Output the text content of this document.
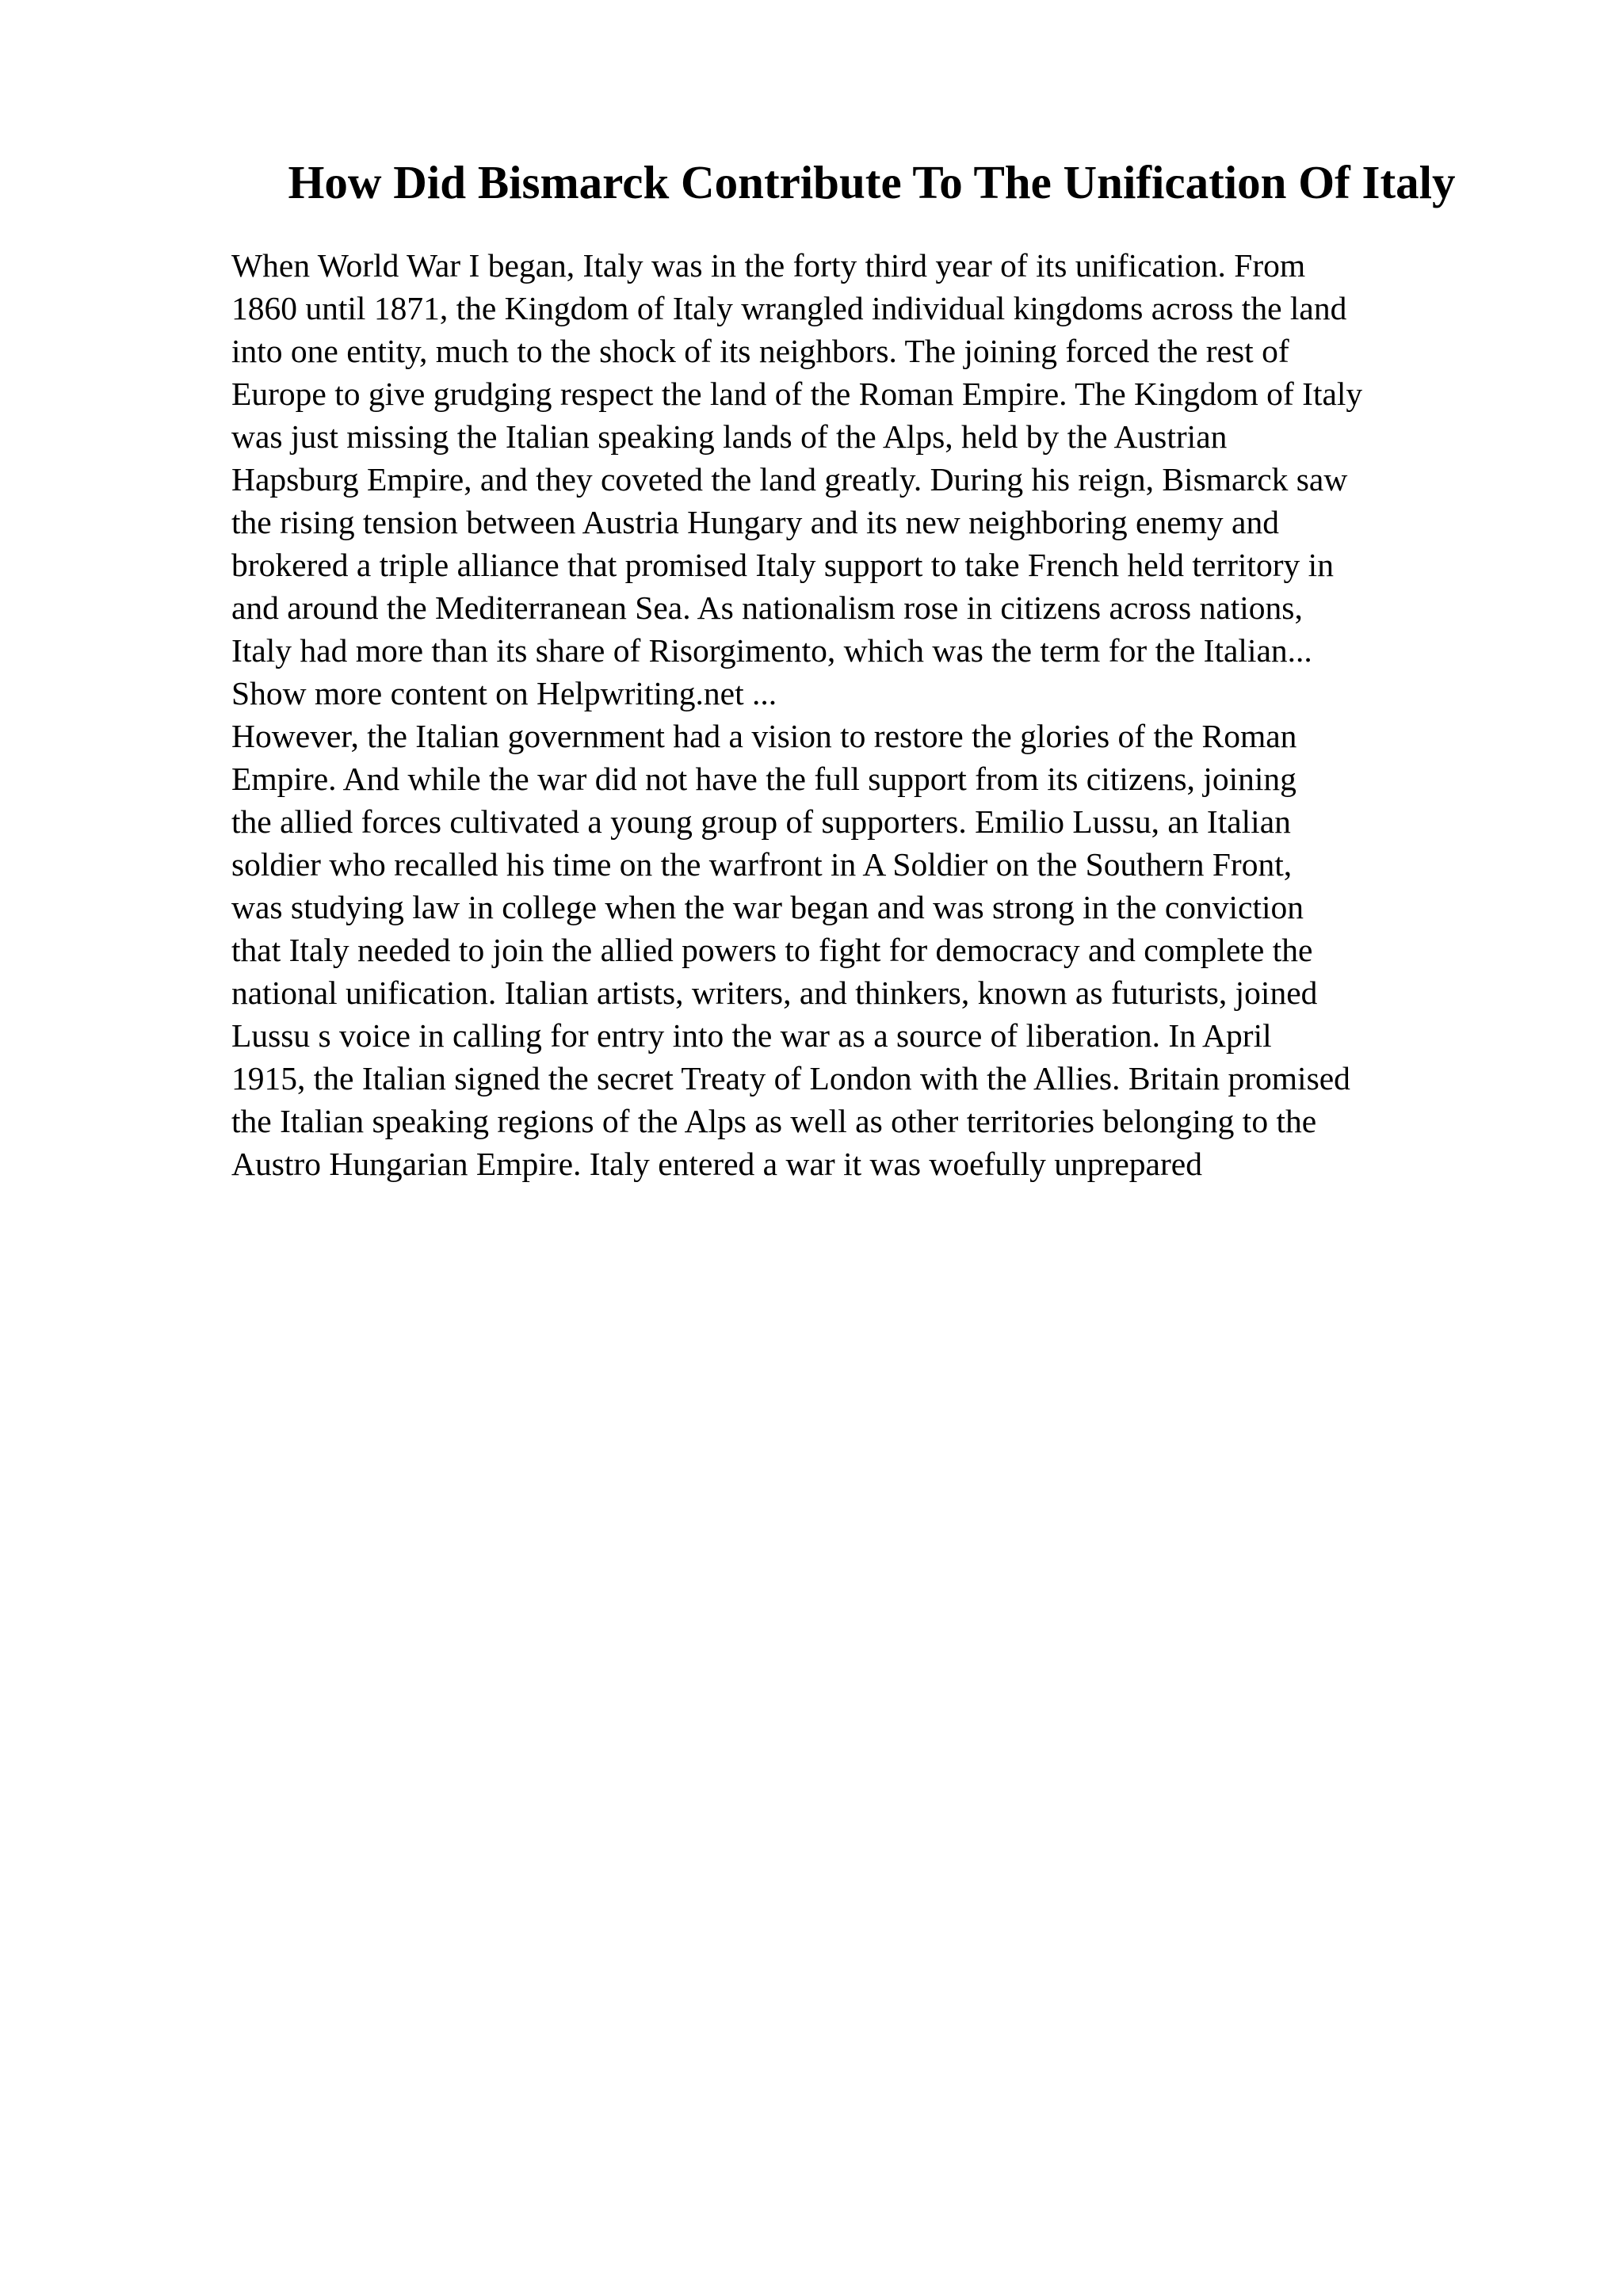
How Did Bismarck Contribute To The Unification Of Italy
When World War I began, Italy was in the forty third year of its unification. From
1860 until 1871, the Kingdom of Italy wrangled individual kingdoms across the land
into one entity, much to the shock of its neighbors. The joining forced the rest of
Europe to give grudging respect the land of the Roman Empire. The Kingdom of Italy
was just missing the Italian speaking lands of the Alps, held by the Austrian
Hapsburg Empire, and they coveted the land greatly. During his reign, Bismarck saw
the rising tension between Austria Hungary and its new neighboring enemy and
brokered a triple alliance that promised Italy support to take French held territory in
and around the Mediterranean Sea. As nationalism rose in citizens across nations,
Italy had more than its share of Risorgimento, which was the term for the Italian...
Show more content on Helpwriting.net ...
However, the Italian government had a vision to restore the glories of the Roman
Empire. And while the war did not have the full support from its citizens, joining
the allied forces cultivated a young group of supporters. Emilio Lussu, an Italian
soldier who recalled his time on the warfront in A Soldier on the Southern Front,
was studying law in college when the war began and was strong in the conviction
that Italy needed to join the allied powers to fight for democracy and complete the
national unification. Italian artists, writers, and thinkers, known as futurists, joined
Lussu s voice in calling for entry into the war as a source of liberation. In April
1915, the Italian signed the secret Treaty of London with the Allies. Britain promised
the Italian speaking regions of the Alps as well as other territories belonging to the
Austro Hungarian Empire. Italy entered a war it was woefully unprepared
